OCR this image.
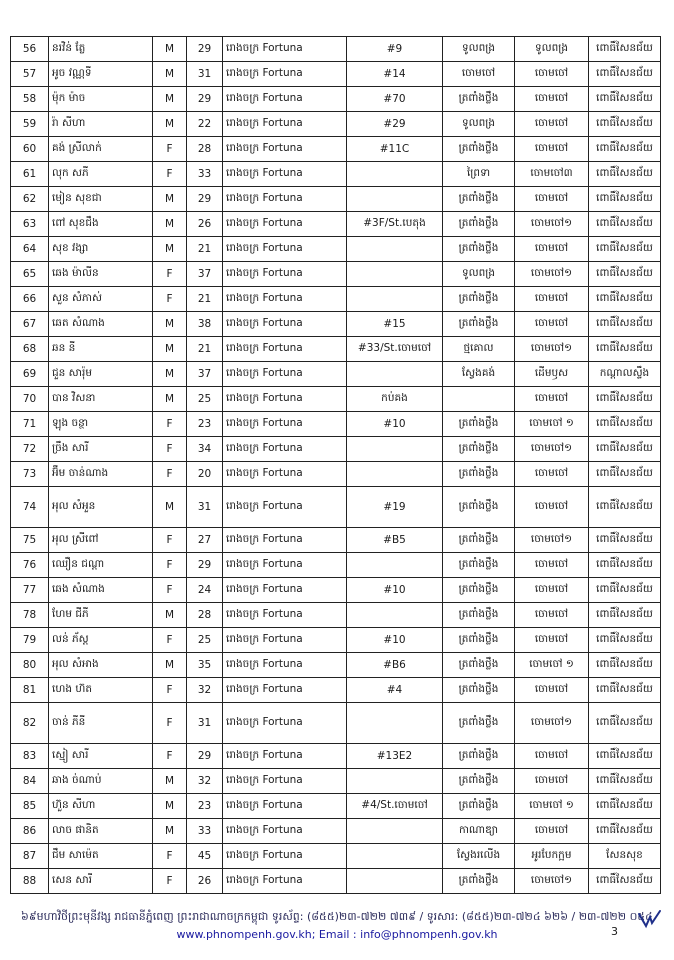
56	នរវិន់ ត្លែ	M	29	រោងចក្រ Fortuna	#9	ទូលពង្រ	ទូលពង្រ	ពោធិ៍សែនជ័យ
57	អូច វណ្ណទី	M	31	រោងចក្រ Fortuna	#14	ចោមចៅ	ចោមចៅ	ពោធិ៍សែនជ័យ
58	ម៉ុក ម៉ាច	M	29	រោងចក្រ Fortuna	#70	ត្រពាំងថ្លឹង	ចោមចៅ	ពោធិ៍សែនជ័យ
59	រ៉ា សីហា	M	22	រោងចក្រ Fortuna	#29	ទូលពង្រ	ចោមចៅ	ពោធិ៍សែនជ័យ
60	គង់ ស្រីលាក់	F	28	រោងចក្រ Fortuna	#11C	ត្រពាំងថ្លឹង	ចោមចៅ	ពោធិ៍សែនជ័យ
61	លុក សភី	F	33	រោងចក្រ Fortuna		ព្រៃទា	ចោមចៅ៣	ពោធិ៍សែនជ័យ
62	មៀន សុខជា	M	29	រោងចក្រ Fortuna		ត្រពាំងថ្លឹង	ចោមចៅ	ពោធិ៍សែនជ័យ
63	ពៅ សុខជឹង	M	26	រោងចក្រ Fortuna	#3F/St.បេតុង	ត្រពាំងថ្លឹង	ចោមចៅ១	ពោធិ៍សែនជ័យ
64	សុខ វង្សា	M	21	រោងចក្រ Fortuna		ត្រពាំងថ្លឹង	ចោមចៅ	ពោធិ៍សែនជ័យ
65	ឆេង ម៉ាលីន	F	37	រោងចក្រ Fortuna		ទូលពង្រ	ចោមចៅ១	ពោធិ៍សែនជ័យ
66	សួន សំភាស់	F	21	រោងចក្រ Fortuna		ត្រពាំងថ្លឹង	ចោមចៅ	ពោធិ៍សែនជ័យ
67	ឆេត សំណាង	M	38	រោងចក្រ Fortuna	#15	ត្រពាំងថ្លឹង	ចោមចៅ	ពោធិ៍សែនជ័យ
68	ឆន នី	M	21	រោងចក្រ Fortuna	#33/St.ចោមចៅ	ថ្មគោល	ចោមចៅ១	ពោធិ៍សែនជ័យ
69	ជួន សារ៉ុម	M	37	រោងចក្រ Fortuna		ស្វែងគង់	ដើមឫស	កណ្ដាលស្ទឹង
70	បាន វិសនា	M	25	រោងចក្រ Fortuna	កប់គង		ចោមចៅ	ពោធិ៍សែនជ័យ
71	ឡុង ចន្ថា	F	23	រោងចក្រ Fortuna	#10	ត្រពាំងថ្លឹង	ចោមចៅ ១	ពោធិ៍សែនជ័យ
72	ច្រឹង សារី	F	34	រោងចក្រ Fortuna		ត្រពាំងថ្លឹង	ចោមចៅ១	ពោធិ៍សែនជ័យ
73	អ៊ឹម ចាន់ណាង	F	20	រោងចក្រ Fortuna		ត្រពាំងថ្លឹង	ចោមចៅ	ពោធិ៍សែនជ័យ
74	អុល សំអួន	M	31	រោងចក្រ Fortuna	#19	ត្រពាំងថ្លឹង	ចោមចៅ	ពោធិ៍សែនជ័យ
75	អុល ស្រីពៅ	F	27	រោងចក្រ Fortuna	#B5	ត្រពាំងថ្លឹង	ចោមចៅ១	ពោធិ៍សែនជ័យ
76	ឈឿន ជណ្ដា	F	29	រោងចក្រ Fortuna		ត្រពាំងថ្លឹង	ចោមចៅ	ពោធិ៍សែនជ័យ
77	ឆេង សំណាង	F	24	រោងចក្រ Fortuna	#10	ត្រពាំងថ្លឹង	ចោមចៅ	ពោធិ៍សែនជ័យ
78	ហែម ជីភី	M	28	រោងចក្រ Fortuna		ត្រពាំងថ្លឹង	ចោមចៅ	ពោធិ៍សែនជ័យ
79	លន់ ភ័ស្ត	F	25	រោងចក្រ Fortuna	#10	ត្រពាំងថ្លឹង	ចោមចៅ	ពោធិ៍សែនជ័យ
80	អុល សំអាង	M	35	រោងចក្រ Fortuna	#B6	ត្រពាំងថ្លឹង	ចោមចៅ ១	ពោធិ៍សែនជ័យ
81	ហេង ហ៊ត	F	32	រោងចក្រ Fortuna	#4	ត្រពាំងថ្លឹង	ចោមចៅ	ពោធិ៍សែនជ័យ
82	ចាន់ ភីនី	F	31	រោងចក្រ Fortuna		ត្រពាំងថ្លឹង	ចោមចៅ១	ពោធិ៍សែនជ័យ
83	ស្មៀ សារី	F	29	រោងចក្រ Fortuna	#13E2	ត្រពាំងថ្លឹង	ចោមចៅ	ពោធិ៍សែនជ័យ
84	ឆាង ច់ណាប់	M	32	រោងចក្រ Fortuna		ត្រពាំងថ្លឹង	ចោមចៅ	ពោធិ៍សែនជ័យ
85	ហ៊ួន សីហា	M	23	រោងចក្រ Fortuna	#4/St.ចោមចៅ	ត្រពាំងថ្លឹង	ចោមចៅ ១	ពោធិ៍សែនជ័យ
86	លាច ផានិត	M	33	រោងចក្រ Fortuna		កាណាឌ្យា	ចោមចៅ	ពោធិ៍សែនជ័យ
87	ជឹម សាម៉េត	F	45	រោងចក្រ Fortuna		ស្វែងរលើង	អូរបែកក្អម	សែនសុខ
88	សេន សារី	F	26	រោងចក្រ Fortuna		ត្រពាំងថ្លឹង	ចោមចៅ១	ពោធិ៍សែនជ័យ
៦៩មហាវិថីព្រះមុនីវង្ស រាជធានីភ្នំពេញ ព្រះរាជាណាចក្រកម្ពុជា ទូរស័ព្ទ: (៨៥៥)២៣-៧២២ ៧៣៩ / ទូរសារ: (៨៥៥)២៣-៧២៤ ៦២៦ / ២៣-៧២២ ០៥៤
www.phnompenh.gov.kh; Email : info@phnompenh.gov.kh	3
